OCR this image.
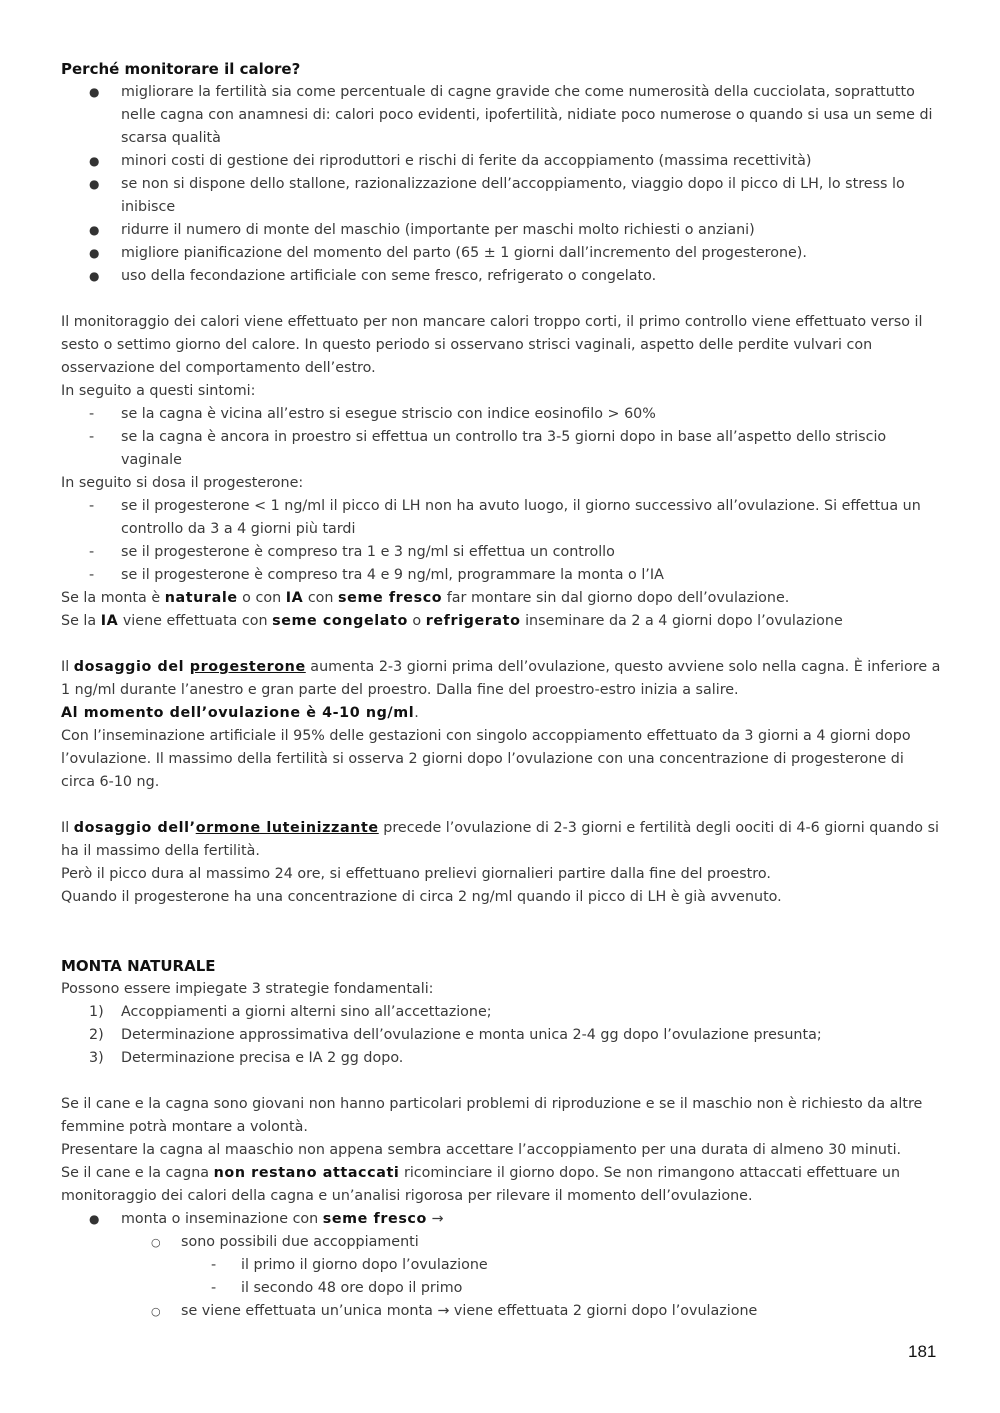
Perché monitorare il calore?

●	migliorare la fertilità sia come percentuale di cagne gravide che come numerosità della cucciolata, soprattutto nelle cagna con anamnesi di: calori poco evidenti, ipofertilità, nidiate poco numerose o quando si usa un seme di scarsa qualità
●	minori costi di gestione dei riproduttori e rischi di ferite da accoppiamento (massima recettività)
●	se non si dispone dello stallone, razionalizzazione dell’accoppiamento, viaggio dopo il picco di LH, lo stress lo inibisce
●	ridurre il numero di monte del maschio (importante per maschi molto richiesti o anziani)
●	migliore pianificazione del momento del parto (65 ± 1 giorni dall’incremento del progesterone).
●	uso della fecondazione artificiale con seme fresco, refrigerato o congelato.

Il monitoraggio dei calori viene effettuato per non mancare calori troppo corti, il primo controllo viene effettuato verso il sesto o settimo giorno del calore. In questo periodo si osservano strisci vaginali, aspetto delle perdite vulvari con osservazione del comportamento dell’estro.

In seguito a questi sintomi:

-	se la cagna è vicina all’estro si esegue striscio con indice eosinofilo > 60%
-	se la cagna è ancora in proestro si effettua un controllo tra 3-5 giorni dopo in base all’aspetto dello striscio vaginale

In seguito si dosa il progesterone:

-	se il progesterone < 1 ng/ml il picco di LH non ha avuto luogo, il giorno successivo all’ovulazione. Si effettua un controllo da 3 a 4 giorni più tardi
-	se il progesterone è compreso tra 1 e 3 ng/ml si effettua un controllo
-	se il progesterone è compreso tra 4 e 9 ng/ml, programmare la monta o l’IA

Se la monta è naturale o con IA con seme fresco far montare sin dal giorno dopo dell’ovulazione.

Se la IA viene effettuata con seme congelato o refrigerato inseminare da 2 a 4 giorni dopo l’ovulazione

Il dosaggio del progesterone aumenta 2-3 giorni prima dell’ovulazione, questo avviene solo nella cagna. È inferiore a 1 ng/ml durante l’anestro e gran parte del proestro. Dalla fine del proestro-estro inizia a salire.

Al momento dell’ovulazione è 4-10 ng/ml.

Con l’inseminazione artificiale il 95% delle gestazioni con singolo accoppiamento effettuato da 3 giorni a 4 giorni dopo l’ovulazione. Il massimo della fertilità si osserva 2 giorni dopo l’ovulazione con una concentrazione di progesterone di circa 6-10 ng.

Il dosaggio dell’ormone luteinizzante precede l’ovulazione di 2-3 giorni e fertilità degli oociti di 4-6 giorni quando si ha il massimo della fertilità.

Però il picco dura al massimo 24 ore, si effettuano prelievi giornalieri partire dalla fine del proestro.

Quando il progesterone ha una concentrazione di circa 2 ng/ml quando il picco di LH è già avvenuto.

MONTA NATURALE

Possono essere impiegate 3 strategie fondamentali:

1)	Accoppiamenti a giorni alterni sino all’accettazione;
2)	Determinazione approssimativa dell’ovulazione e monta unica 2-4 gg dopo l’ovulazione presunta;
3)	Determinazione precisa e IA 2 gg dopo.

Se il cane e la cagna sono giovani non hanno particolari problemi di riproduzione e se il maschio non è richiesto da altre femmine potrà montare a volontà.

Presentare la cagna al maaschio non appena sembra accettare l’accoppiamento per una durata di almeno 30 minuti.

Se il cane e la cagna non restano attaccati ricominciare il giorno dopo. Se non rimangono attaccati effettuare un monitoraggio dei calori della cagna e un’analisi rigorosa per rilevare il momento dell’ovulazione.

●	monta o inseminazione con seme fresco →
○ sono possibili due accoppiamenti
- il primo il giorno dopo l’ovulazione
- il secondo 48 ore dopo il primo
○ se viene effettuata un’unica monta → viene effettuata 2 giorni dopo l’ovulazione
181
